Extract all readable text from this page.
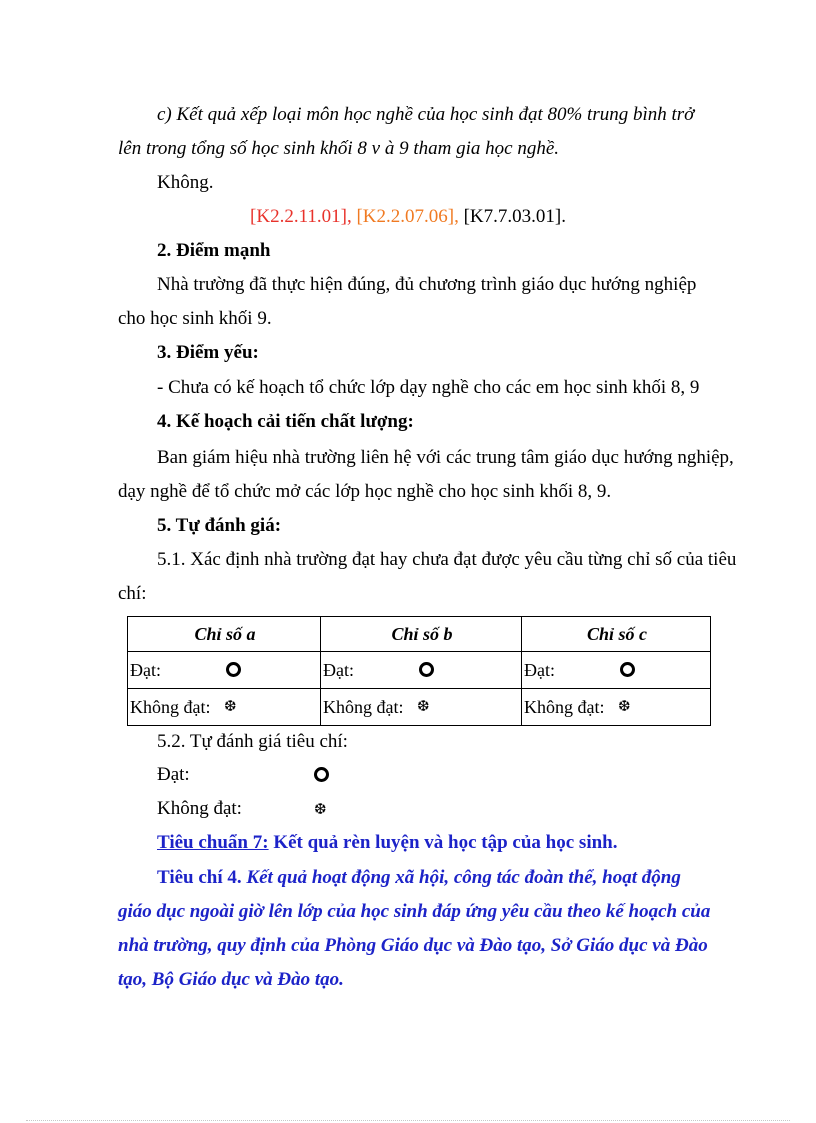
c) Kết quả xếp loại môn học nghề của học sinh đạt 80% trung bình trở
lên trong tổng số học sinh khối 8 v à 9 tham gia học nghề.
Không.
[K2.2.11.01], [K2.2.07.06], [K7.7.03.01].
2. Điểm mạnh
Nhà trường đã thực hiện đúng, đủ chương trình giáo dục hướng nghiệp
cho học sinh khối 9.
3. Điểm yếu:
- Chưa có kế hoạch tổ chức lớp dạy nghề cho các em học sinh khối 8, 9
4. Kế hoạch cải tiến chất lượng:
Ban giám hiệu nhà trường liên hệ với các trung tâm giáo dục hướng nghiệp,
dạy nghề để tổ chức mở các lớp học nghề cho học sinh khối 8, 9.
5. Tự đánh giá:
5.1. Xác định nhà trường đạt hay chưa đạt được yêu cầu từng chỉ số của tiêu
chí:
Chỉ số a	Chỉ số b	Chỉ số c

Đạt:	Đạt:	Đạt:

Không đạt: ❆	Không đạt: ❆	Không đạt: ❆
5.2. Tự đánh giá tiêu chí:
Đạt:
Không đạt:	❆
Tiêu chuẩn 7: Kết quả rèn luyện và học tập của học sinh.
Tiêu chí 4. Kết quả hoạt động xã hội, công tác đoàn thể, hoạt động
giáo dục ngoài giờ lên lớp của học sinh đáp ứng yêu cầu theo kế hoạch của
nhà trường, quy định của Phòng Giáo dục và Đào tạo, Sở Giáo dục và Đào
tạo, Bộ Giáo dục và Đào tạo.
